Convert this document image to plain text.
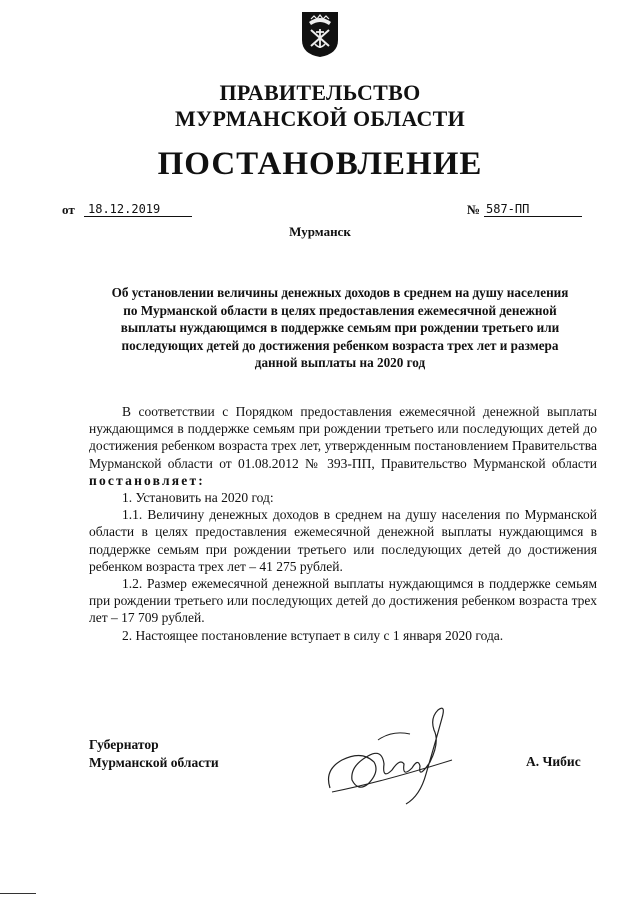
ПРАВИТЕЛЬСТВО
МУРМАНСКОЙ ОБЛАСТИ
ПОСТАНОВЛЕНИЕ
от	18.12.2019	№ 587-ПП
Мурманск
Об установлении величины денежных доходов в среднем на душу населения по Мурманской области в целях предоставления ежемесячной денежной выплаты нуждающимся в поддержке семьям при рождении третьего или последующих детей до достижения ребенком возраста трех лет и размера данной выплаты на 2020 год

В соответствии с Порядком предоставления ежемесячной денежной выплаты нуждающимся в поддержке семьям при рождении третьего или последующих детей до достижения ребенком возраста трех лет, утвержденным постановлением Правительства Мурманской области от 01.08.2012 № 393-ПП, Правительство Мурманской области постановляет:

1. Установить на 2020 год:

1.1. Величину денежных доходов в среднем на душу населения по Мурманской области в целях предоставления ежемесячной денежной выплаты нуждающимся в поддержке семьям при рождении третьего или последующих детей до достижения ребенком возраста трех лет – 41 275 рублей.

1.2. Размер ежемесячной денежной выплаты нуждающимся в поддержке семьям при рождении третьего или последующих детей до достижения ребенком возраста трех лет – 17 709 рублей.

2. Настоящее постановление вступает в силу с 1 января 2020 года.

Губернатор
Мурманской области	А. Чибис
